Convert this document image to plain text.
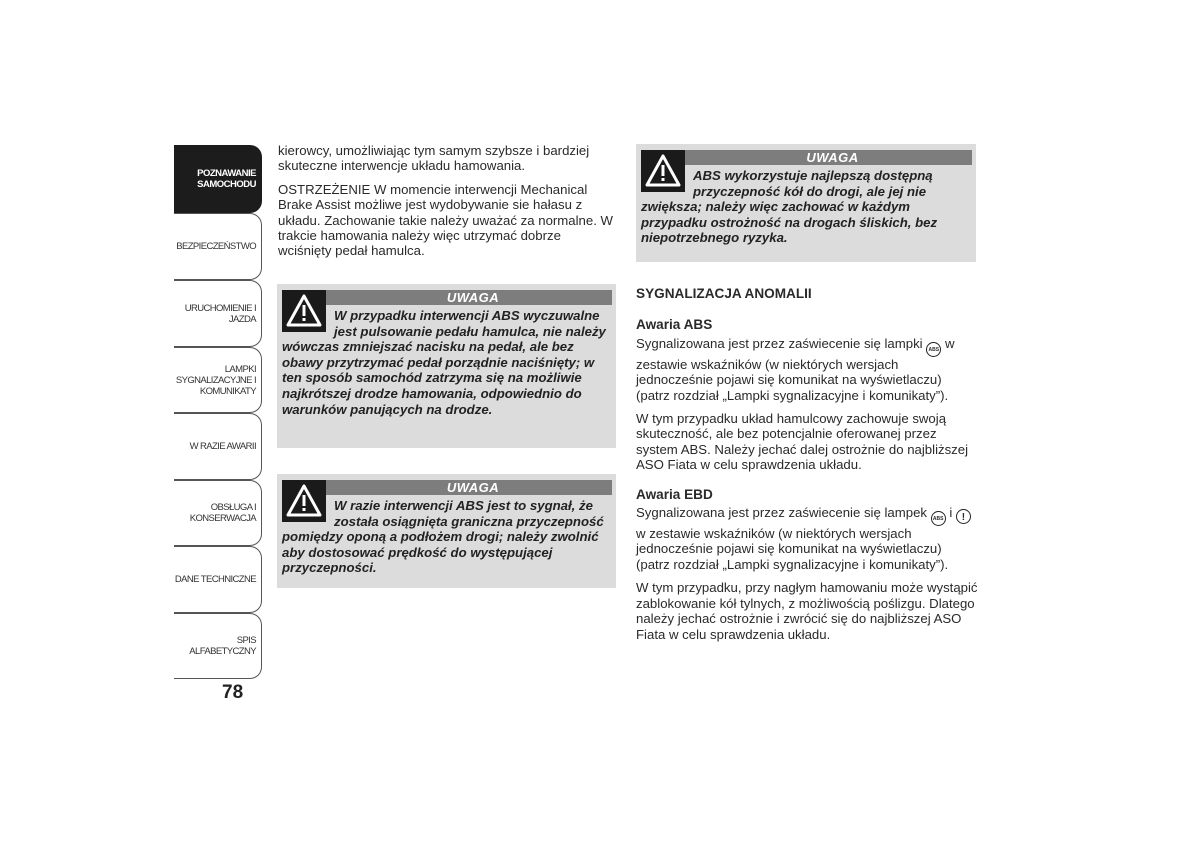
POZNAWANIE
SAMOCHODU
BEZPIECZEŃSTWO
URUCHOMIENIE I
JAZDA
LAMPKI
SYGNALIZACYJNE I
KOMUNIKATY
W RAZIE AWARII
OBSŁUGA I
KONSERWACJA
DANE TECHNICZNE
SPIS ALFABETYCZNY
78

kierowcy, umożliwiając tym samym szybsze i bardziej skuteczne interwencje układu hamowania.

OSTRZEŻENIE W momencie interwencji Mechanical Brake Assist możliwe jest wydobywanie sie hałasu z układu. Zachowanie takie należy uważać za normalne. W trakcie hamowania należy więc utrzymać dobrze wciśnięty pedał hamulca.

UWAGA
W przypadku interwencji ABS wyczuwalne jest pulsowanie pedału hamulca, nie należy wówczas zmniejszać nacisku na pedał, ale bez obawy przytrzymać pedał porządnie naciśnięty; w ten sposób samochód zatrzyma się na możliwie najkrótszej drodze hamowania, odpowiednio do warunków panujących na drodze.
UWAGA
W razie interwencji ABS jest to sygnał, że została osiągnięta graniczna przyczepność pomiędzy oponą a podłożem drogi; należy zwolnić aby dostosować prędkość do występującej przyczepności.
UWAGA
ABS wykorzystuje najlepszą dostępną przyczepność kół do drogi, ale jej nie zwiększa; należy więc zachować w każdym przypadku ostrożność na drogach śliskich, bez niepotrzebnego ryzyka.

SYGNALIZACJA ANOMALII

Awaria ABS

Sygnalizowana jest przez zaświecenie się lampki ABS w zestawie wskaźników (w niektórych wersjach jednocześnie pojawi się komunikat na wyświetlaczu) (patrz rozdział „Lampki sygnalizacyjne i komunikaty”).

W tym przypadku układ hamulcowy zachowuje swoją skuteczność, ale bez potencjalnie oferowanej przez system ABS. Należy jechać dalej ostrożnie do najbliższej ASO Fiata w celu sprawdzenia układu.

Awaria EBD

Sygnalizowana jest przez zaświecenie się lampek ABS i ! w zestawie wskaźników (w niektórych wersjach jednocześnie pojawi się komunikat na wyświetlaczu) (patrz rozdział „Lampki sygnalizacyjne i komunikaty”).

W tym przypadku, przy nagłym hamowaniu może wystąpić zablokowanie kół tylnych, z możliwością poślizgu. Dlatego należy jechać ostrożnie i zwrócić się do najbliższej ASO Fiata w celu sprawdzenia układu.
